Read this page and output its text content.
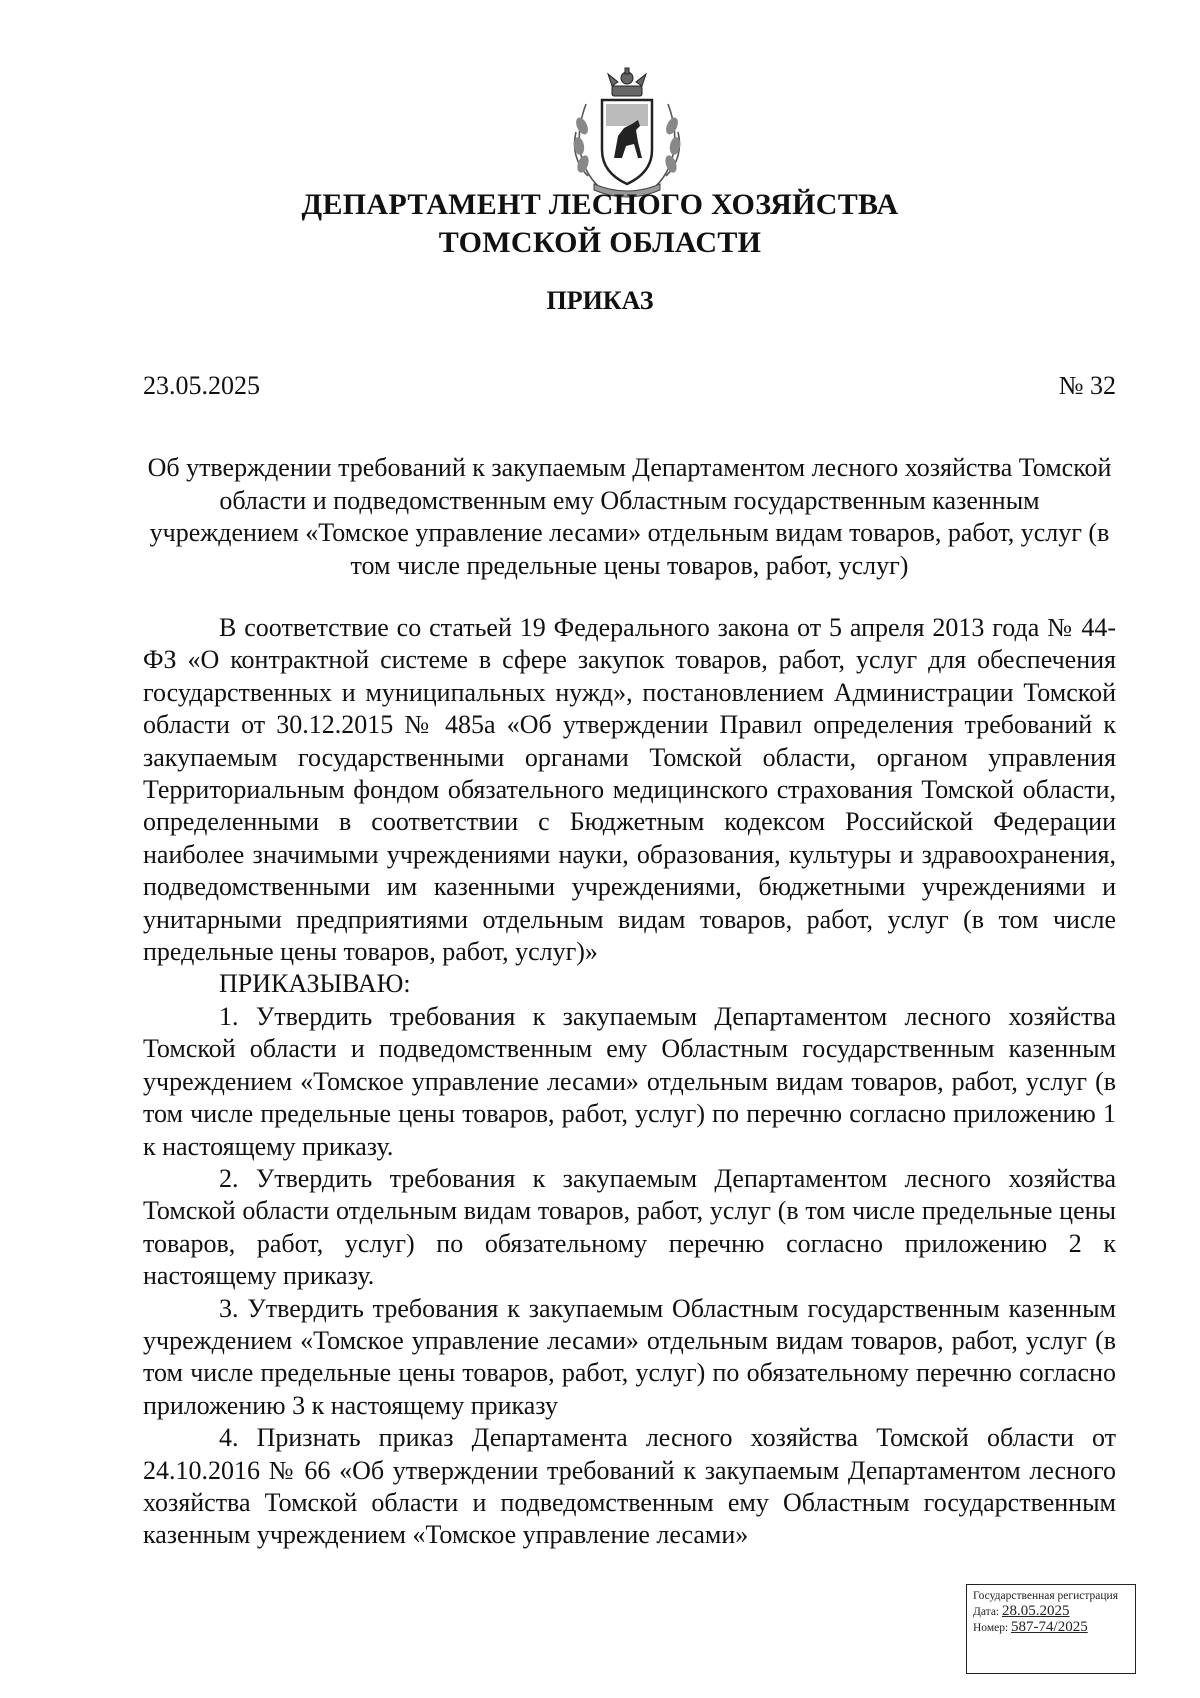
ДЕПАРТАМЕНТ ЛЕСНОГО ХОЗЯЙСТВА
ТОМСКОЙ ОБЛАСТИ
ПРИКАЗ
23.05.2025	№ 32
Об утверждении требований к закупаемым Департаментом лесного хозяйства Томской области и подведомственным ему Областным государственным казенным учреждением «Томское управление лесами» отдельным видам товаров, работ, услуг (в том числе предельные цены товаров, работ, услуг)

В соответствие со статьей 19 Федерального закона от 5 апреля 2013 года № 44-ФЗ «О контрактной системе в сфере закупок товаров, работ, услуг для обеспечения государственных и муниципальных нужд», постановлением Администрации Томской области от 30.12.2015 № 485а «Об утверждении Правил определения требований к закупаемым государственными органами Томской области, органом управления Территориальным фондом обязательного медицинского страхования Томской области, определенными в соответствии с Бюджетным кодексом Российской Федерации наиболее значимыми учреждениями науки, образования, культуры и здравоохранения, подведомственными им казенными учреждениями, бюджетными учреждениями и унитарными предприятиями отдельным видам товаров, работ, услуг (в том числе предельные цены товаров, работ, услуг)»

ПРИКАЗЫВАЮ:

1. Утвердить требования к закупаемым Департаментом лесного хозяйства Томской области и подведомственным ему Областным государственным казенным учреждением «Томское управление лесами» отдельным видам товаров, работ, услуг (в том числе предельные цены товаров, работ, услуг) по перечню согласно приложению 1 к настоящему приказу.

2. Утвердить требования к закупаемым Департаментом лесного хозяйства Томской области отдельным видам товаров, работ, услуг (в том числе предельные цены товаров, работ, услуг) по обязательному перечню согласно приложению 2 к настоящему приказу.

3. Утвердить требования к закупаемым Областным государственным казенным учреждением «Томское управление лесами» отдельным видам товаров, работ, услуг (в том числе предельные цены товаров, работ, услуг) по обязательному перечню согласно приложению 3 к настоящему приказу

4. Признать приказ Департамента лесного хозяйства Томской области от 24.10.2016 № 66 «Об утверждении требований к закупаемым Департаментом лесного хозяйства Томской области и подведомственным ему Областным государственным казенным учреждением «Томское управление лесами»

Государственная регистрация
Дата: 28.05.2025
Номер: 587-74/2025
